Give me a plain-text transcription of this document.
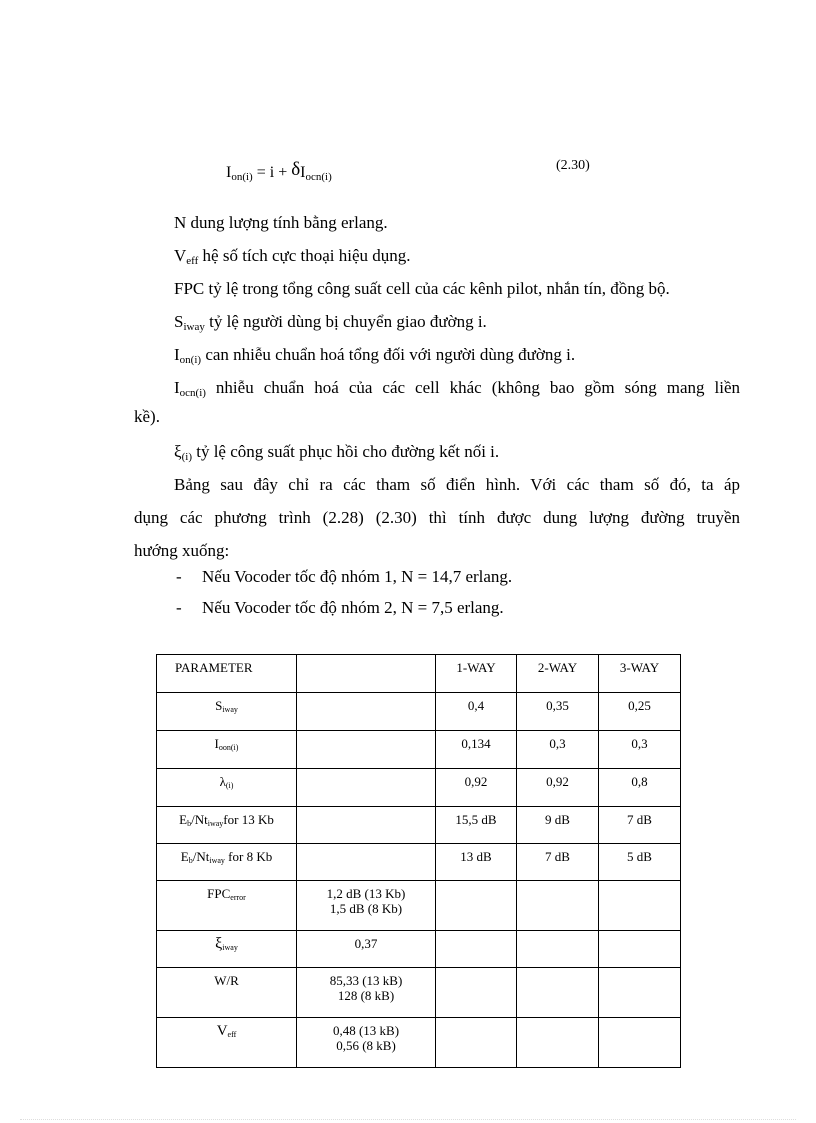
$I_{on(i)} = i + \delta I_{ocn(i)}$
(2.30)
N dung lượng tính bằng erlang.
$V_{eff}$ hệ số tích cực thoại hiệu dụng.
FPC tỷ lệ trong tổng công suất cell của các kênh pilot, nhắn tín, đồng bộ.
$S_{iway}$ tỷ lệ người dùng bị chuyển giao đường i.
$I_{on(i)}$ can nhiễu chuẩn hoá tổng đối với người dùng đường i.
$I_{ocn(i)}$ nhiễu chuẩn hoá của các cell khác (không bao gồm sóng mang liền
kề).
$\xi_{(i)}$ tỷ lệ công suất phục hồi cho đường kết nối i.
Bảng sau đây chỉ ra các tham số điển hình. Với các tham số đó, ta áp
dụng các phương trình (2.28) (2.30) thì tính được dung lượng đường truyền
hướng xuống:
- Nếu Vocoder tốc độ nhóm 1, N = 14,7 erlang.
- Nếu Vocoder tốc độ nhóm 2, N = 7,5 erlang.
PARAMETER		1-WAY	2-WAY	3-WAY
$S_{iway}$		0,4	0,35	0,25
$I_{oon(i)}$		0,134	0,3	0,3
$\lambda_{(i)}$		0,92	0,92	0,8
$E_b/Nt_{iway}for$ 13 Kb		15,5 dB	9 dB	7 dB
$E_b/Nt_{iway}$ for 8 Kb		13 dB	7 dB	5 dB
$FPC_{error}$	1,2 dB (13 Kb)
1,5 dB (8 Kb)			

$\xi_{iway}$	0,37			
W/R	85,33 (13 kB)
128 (8 kB)			

$V_{eff}$	0,48 (13 kB)
0,56 (8 kB)			
